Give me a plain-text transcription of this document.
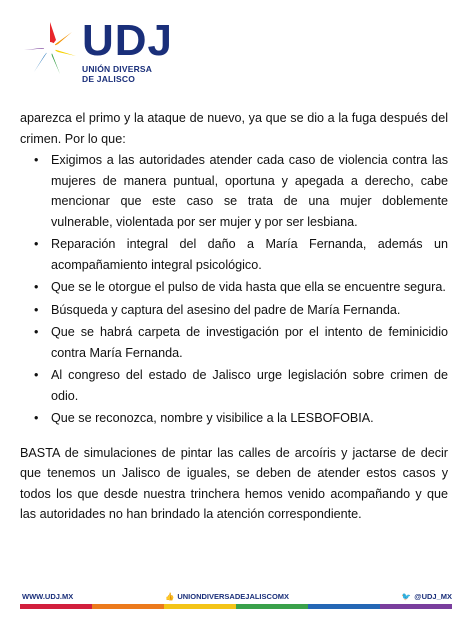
UDJ
UNIÓN DIVERSA
DE JALISCO

aparezca el primo y la ataque de nuevo, ya que se dio a la fuga después del crimen. Por lo que:

• Exigimos a las autoridades atender cada caso de violencia contra las mujeres de manera puntual, oportuna y apegada a derecho, cabe mencionar que este caso se trata de una mujer doblemente vulnerable, violentada por ser mujer y por ser lesbiana.
• Reparación integral del daño a María Fernanda, además un acompañamiento integral psicológico.
• Que se le otorgue el pulso de vida hasta que ella se encuentre segura.
• Búsqueda y captura del asesino del padre de María Fernanda.
• Que se habrá carpeta de investigación por el intento de feminicidio contra María Fernanda.
• Al congreso del estado de Jalisco urge legislación sobre crimen de odio.
• Que se reconozca, nombre y visibilice a la LESBOFOBIA.

BASTA de simulaciones de pintar las calles de arcoíris y jactarse de decir que tenemos un Jalisco de iguales, se deben de atender estos casos y todos los que desde nuestra trinchera hemos venido acompañando y que las autoridades no han brindado la atención correspondiente.

WWW.UDJ.MX	👍 UNIONDIVERSADEJALISCOMX	🐦 @UDJ_MX
